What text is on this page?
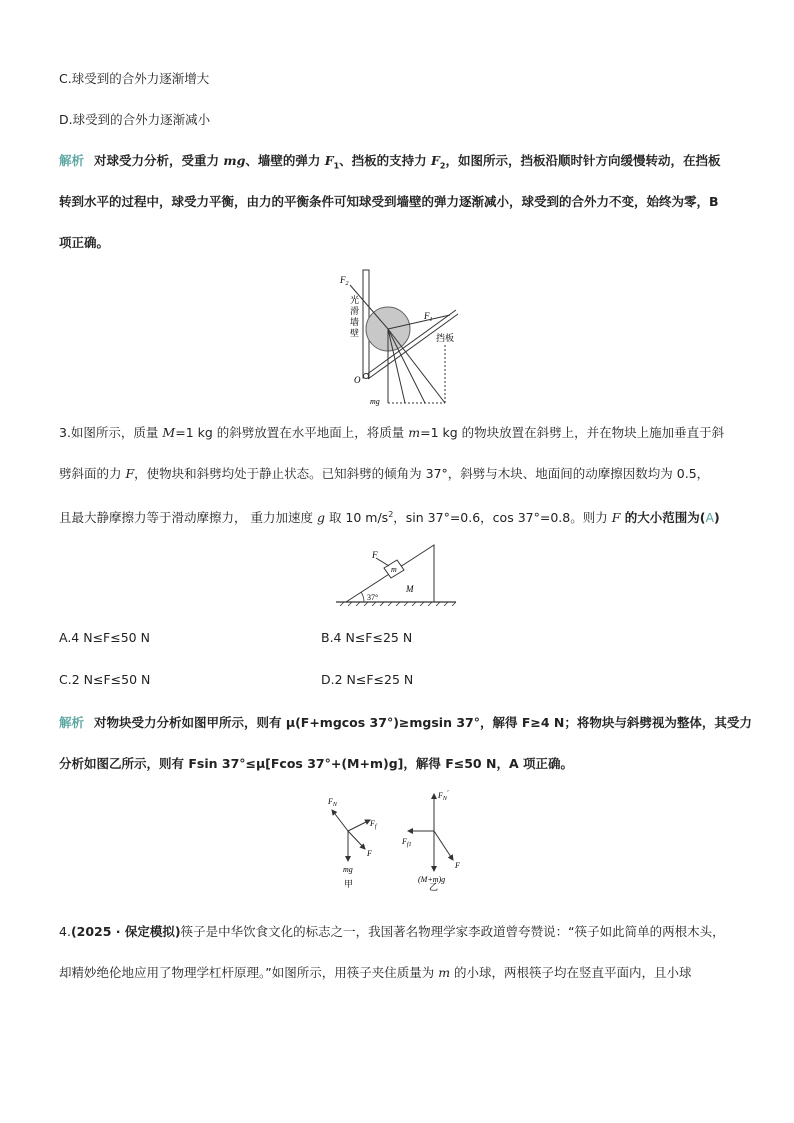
C.球受到的合外力逐渐增大
D.球受到的合外力逐渐减小
解析 对球受力分析，受重力 mg、墙壁的弹力 $F_1$、挡板的支持力 $F_2$，如图所示，挡板沿顺时针方向缓慢转动，在挡板
转到水平的过程中，球受力平衡，由力的平衡条件可知球受到墙壁的弹力逐渐减小，球受到的合外力不变，始终为零，B
项正确。
$F_2$
$F_1$
光
滑
墙
壁	挡板
O
mg
3.如图所示，质量 M=1 kg 的斜劈放置在水平地面上，将质量 m=1 kg 的物块放置在斜劈上，并在物块上施加垂直于斜
劈斜面的力 F，使物块和斜劈均处于静止状态。已知斜劈的倾角为 37°，斜劈与木块、地面间的动摩擦因数均为 0.5，
且最大静摩擦力等于滑动摩擦力， 重力加速度 g 取 10 $m/s^2$，sin 37°=0.6，cos 37°=0.8。则力 F 的大小范围为(A)
F
m
M
37°
A.4 N≤F≤50 N	B.4 N≤F≤25 N
C.2 N≤F≤50 N	D.2 N≤F≤25 N
解析 对物块受力分析如图甲所示，则有 μ(F+mgcos 37°)≥mgsin 37°，解得 F≥4 N；将物块与斜劈视为整体，其受力
分析如图乙所示，则有 Fsin 37°≤μ[Fcos 37°+(M+m)g]，解得 F≤50 N，A 项正确。
$F_N$
$F_f$
F
mg
甲
$F_N'$
$F_{f1}$
F
(M+m)g
乙
4.(2025 · 保定模拟)筷子是中华饮食文化的标志之一，我国著名物理学家李政道曾夸赞说：“筷子如此简单的两根木头，
却精妙绝伦地应用了物理学杠杆原理。”如图所示，用筷子夹住质量为 m 的小球，两根筷子均在竖直平面内，且小球
